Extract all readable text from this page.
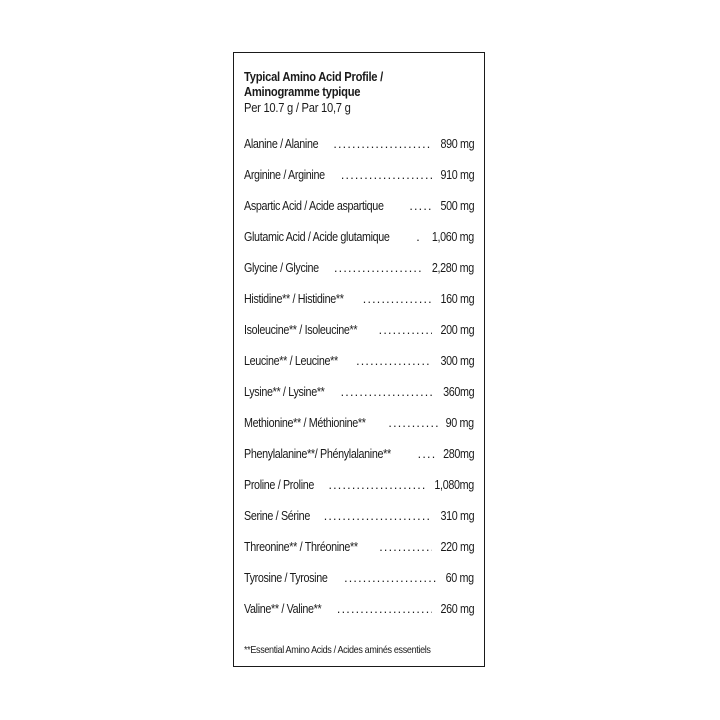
Typical Amino Acid Profile /
Aminogramme typique
Per 10.7 g / Par 10,7 g
Alanine / Alanine .....	890 mg
Arginine / Arginine .....	910 mg
Aspartic Acid / Acide aspartique .....	500 mg
Glutamic Acid / Acide glutamique .....	1,060 mg
Glycine / Glycine .....	2,280 mg
Histidine** / Histidine** .....	160 mg
Isoleucine** / Isoleucine** .....	200 mg
Leucine** / Leucine** .....	300 mg
Lysine** / Lysine** .....	360mg
Methionine** / Méthionine** .....	90 mg
Phenylalanine**/ Phénylalanine** .....	280mg
Proline / Proline .....	1,080mg
Serine / Sérine .....	310 mg
Threonine** / Thréonine** .....	220 mg
Tyrosine / Tyrosine .....	60 mg
Valine** / Valine** .....	260 mg
**Essential Amino Acids / Acides aminés essentiels
